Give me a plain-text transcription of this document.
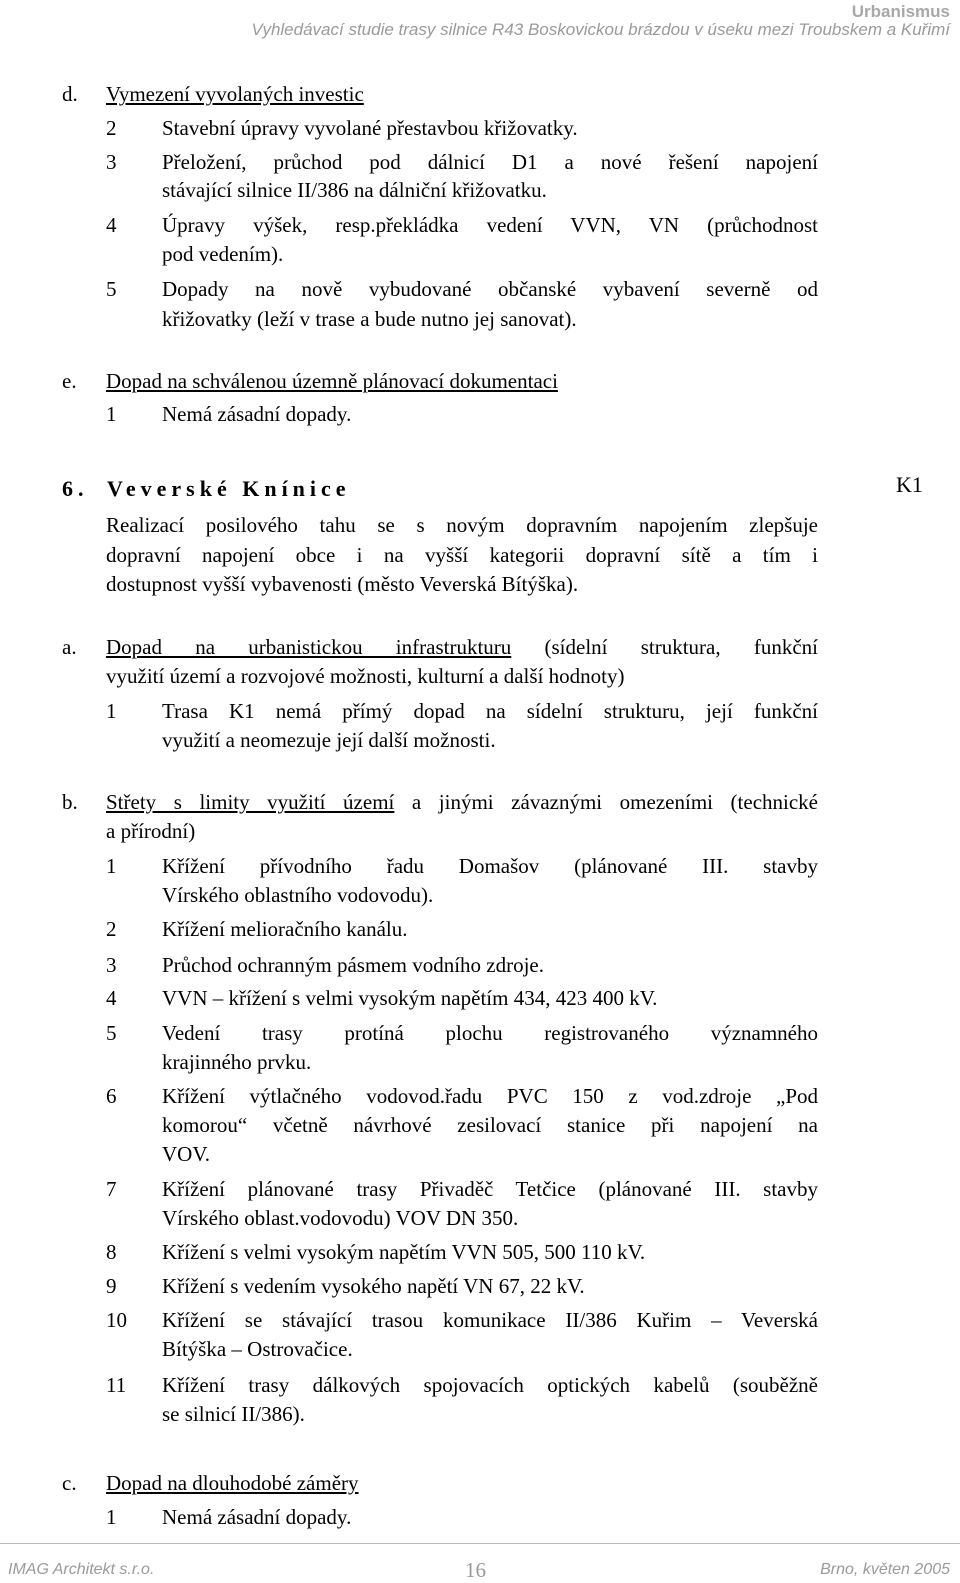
Urbanismus
Vyhledávací studie trasy silnice R43 Boskovickou brázdou v úseku mezi Troubskem a Kuřimí
d. Vymezení vyvolaných investic
2 Stavební úpravy vyvolané přestavbou křižovatky.
3 Přeložení, průchod pod dálnicí D1 a nové řešení napojení
stávající silnice II/386 na dálniční křižovatku.
4 Úpravy výšek, resp.překládka vedení VVN, VN (průchodnost
pod vedením).
5 Dopady na nově vybudované občanské vybavení severně od
křižovatky (leží v trase a bude nutno jej sanovat).
e. Dopad na schválenou územně plánovací dokumentaci
1 Nemá zásadní dopady.
6. Veverské Knínice	K1
Realizací posilového tahu se s novým dopravním napojením zlepšuje
dopravní napojení obce i na vyšší kategorii dopravní sítě a tím i
dostupnost vyšší vybavenosti (město Veverská Bítýška).
a. Dopad na urbanistickou infrastrukturu (sídelní struktura, funkční
využití území a rozvojové možnosti, kulturní a další hodnoty)
1 Trasa K1 nemá přímý dopad na sídelní strukturu, její funkční
využití a neomezuje její další možnosti.
b. Střety s limity využití území a jinými závaznými omezeními (technické
a přírodní)
1 Křížení přívodního řadu Domašov (plánované III. stavby
Vírského oblastního vodovodu).
2 Křížení melioračního kanálu.
3 Průchod ochranným pásmem vodního zdroje.
4 VVN – křížení s velmi vysokým napětím 434, 423 400 kV.
5 Vedení trasy protíná plochu registrovaného významného
krajinného prvku.
6 Křížení výtlačného vodovod.řadu PVC 150 z vod.zdroje „Pod
komorou“ včetně návrhové zesilovací stanice při napojení na
VOV.
7 Křížení plánované trasy Přivaděč Tetčice (plánované III. stavby
Vírského oblast.vodovodu) VOV DN 350.
8 Křížení s velmi vysokým napětím VVN 505, 500 110 kV.
9 Křížení s vedením vysokého napětí VN 67, 22 kV.
10 Křížení se stávající trasou komunikace II/386 Kuřim – Veverská
Bítýška – Ostrovačice.
11 Křížení trasy dálkových spojovacích optických kabelů (souběžně
se silnicí II/386).
c. Dopad na dlouhodobé záměry
1 Nemá zásadní dopady.
IMAG Architekt s.r.o.	16	Brno, květen 2005
